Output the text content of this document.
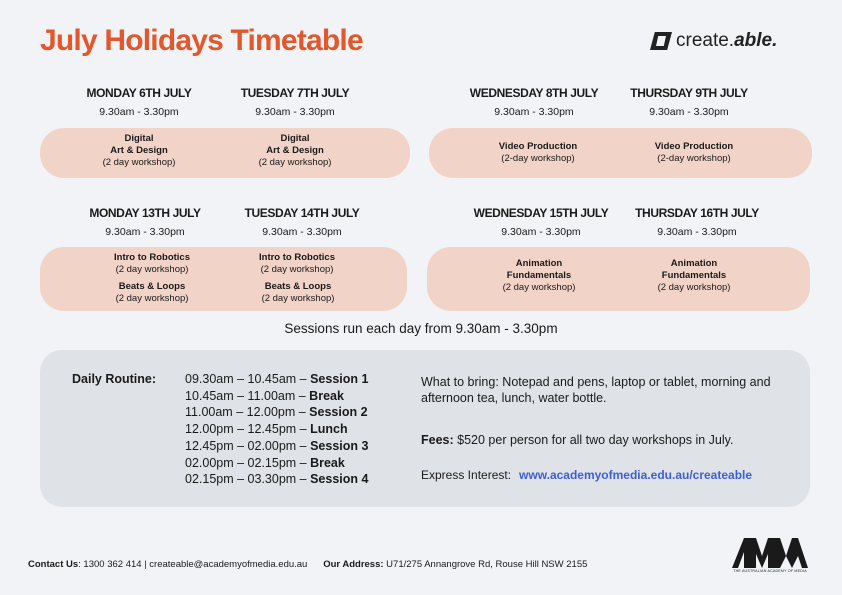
July Holidays Timetable	create.able.
MONDAY 6TH JULY
9.30am - 3.30pm
TUESDAY 7TH JULY
9.30am - 3.30pm
WEDNESDAY 8TH JULY
9.30am - 3.30pm
THURSDAY 9TH JULY
9.30am - 3.30pm
Digital
Art & Design
(2 day workshop)
Digital
Art & Design
(2 day workshop)
Video Production
(2-day workshop)
Video Production
(2-day workshop)
MONDAY 13TH JULY
9.30am - 3.30pm
TUESDAY 14TH JULY
9.30am - 3.30pm
WEDNESDAY 15TH JULY
9.30am - 3.30pm
THURSDAY 16TH JULY
9.30am - 3.30pm
Intro to Robotics
(2 day workshop)
Beats & Loops
(2 day workshop)
Intro to Robotics
(2 day workshop)
Beats & Loops
(2 day workshop)
Animation
Fundamentals
(2 day workshop)
Animation
Fundamentals
(2 day workshop)
Sessions run each day from 9.30am - 3.30pm
Daily Routine: 09.30am – 10.45am – Session 1
10.45am – 11.00am – Break
11.00am – 12.00pm – Session 2
12.00pm – 12.45pm – Lunch
12.45pm – 02.00pm – Session 3
02.00pm – 02.15pm – Break
02.15pm – 03.30pm – Session 4
What to bring: Notepad and pens, laptop or tablet, morning and afternoon tea, lunch, water bottle.
Fees: $520 per person for all two day workshops in July.
Express Interest: www.academyofmedia.edu.au/createable
Contact Us: 1300 362 414 | createable@academyofmedia.edu.au Our Address: U71/275 Annangrove Rd, Rouse Hill NSW 2155
THE AUSTRALIAN ACADEMY OF MEDIA
